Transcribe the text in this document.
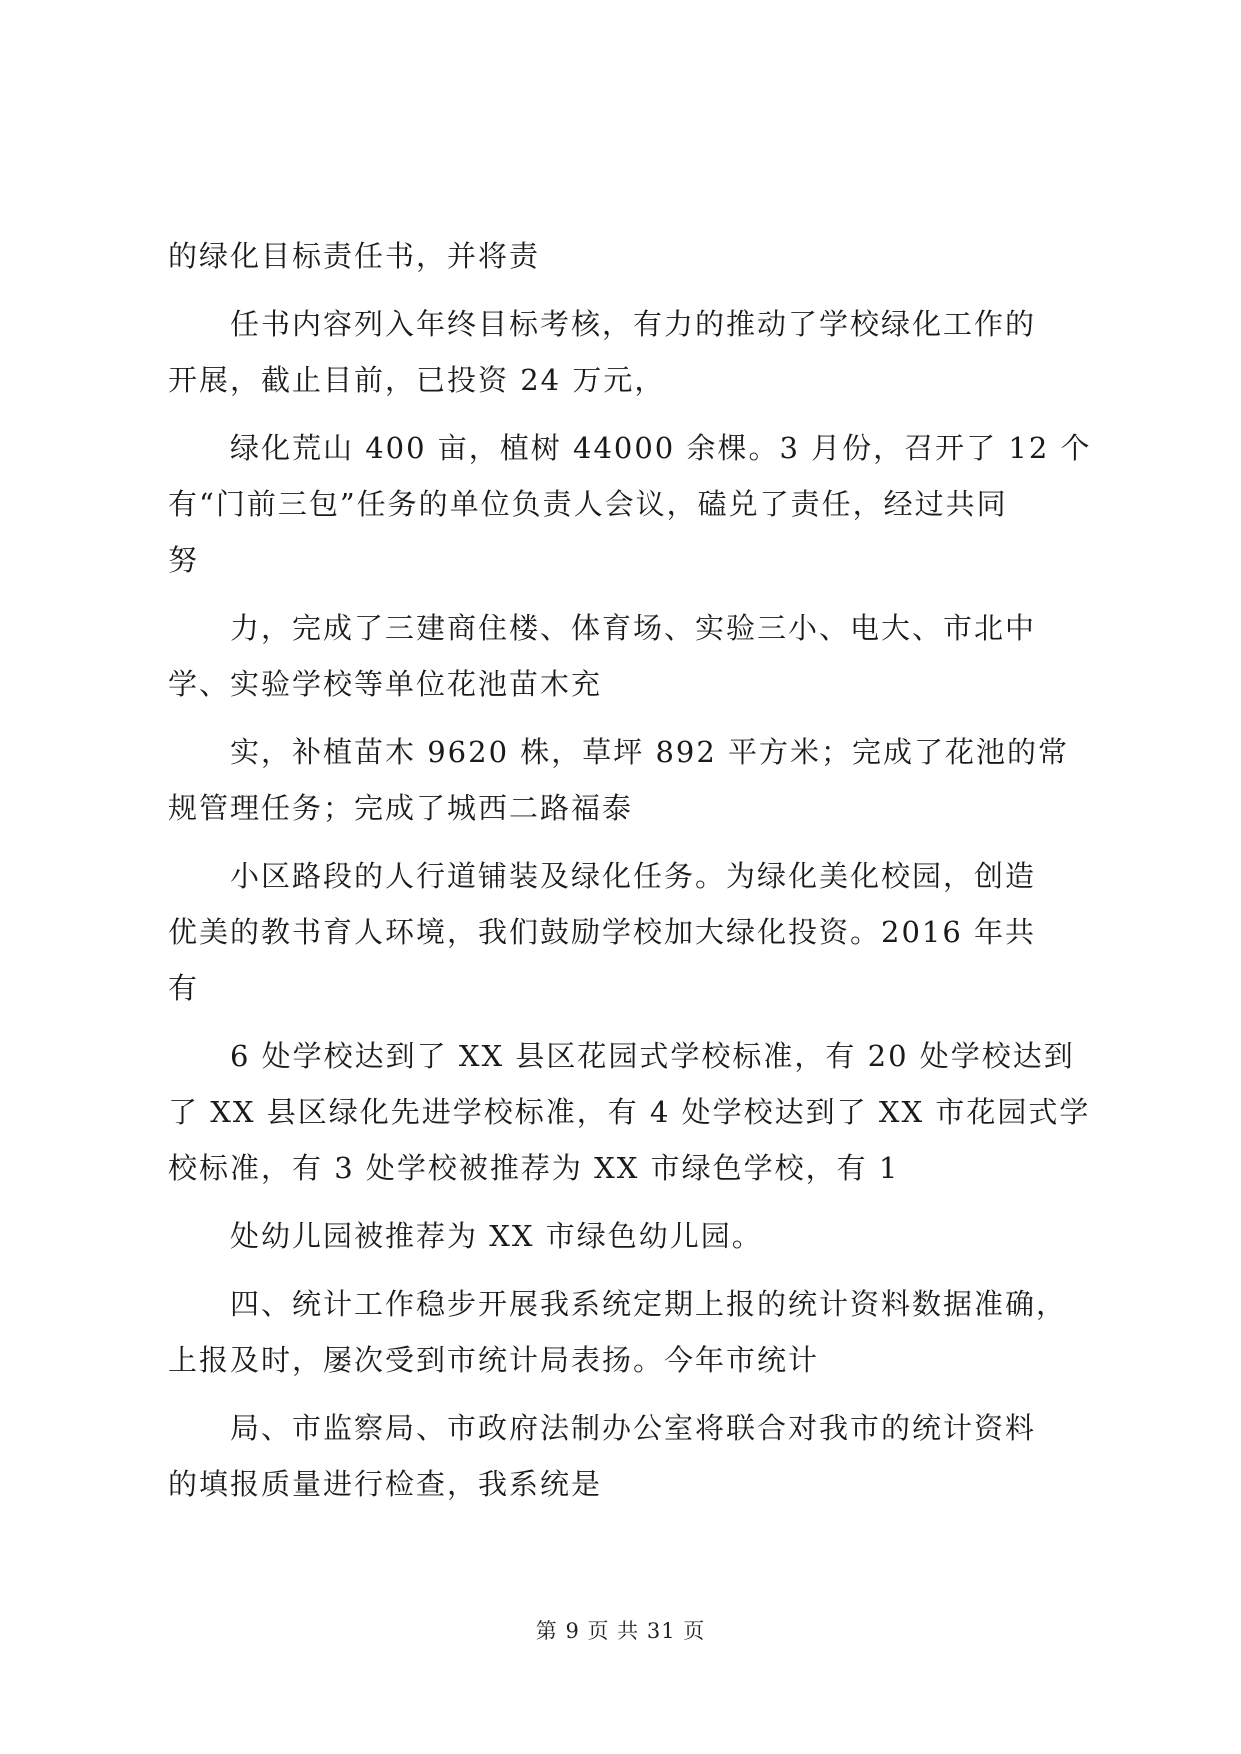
的绿化目标责任书，并将责
任书内容列入年终目标考核，有力的推动了学校绿化工作的
开展，截止目前，已投资 24 万元，
绿化荒山 400 亩，植树 44000 余棵。3 月份，召开了 12 个
有“门前三包”任务的单位负责人会议，磕兑了责任，经过共同
努
力，完成了三建商住楼、体育场、实验三小、电大、市北中
学、实验学校等单位花池苗木充
实，补植苗木 9620 株，草坪 892 平方米；完成了花池的常
规管理任务；完成了城西二路福泰
小区路段的人行道铺装及绿化任务。为绿化美化校园，创造
优美的教书育人环境，我们鼓励学校加大绿化投资。2016 年共
有
6 处学校达到了 XX 县区花园式学校标准，有 20 处学校达到
了 XX 县区绿化先进学校标准，有 4 处学校达到了 XX 市花园式学
校标准，有 3 处学校被推荐为 XX 市绿色学校，有 1
处幼儿园被推荐为 XX 市绿色幼儿园。
四、统计工作稳步开展我系统定期上报的统计资料数据准确，
上报及时，屡次受到市统计局表扬。今年市统计
局、市监察局、市政府法制办公室将联合对我市的统计资料
的填报质量进行检查，我系统是
第 9 页 共 31 页
